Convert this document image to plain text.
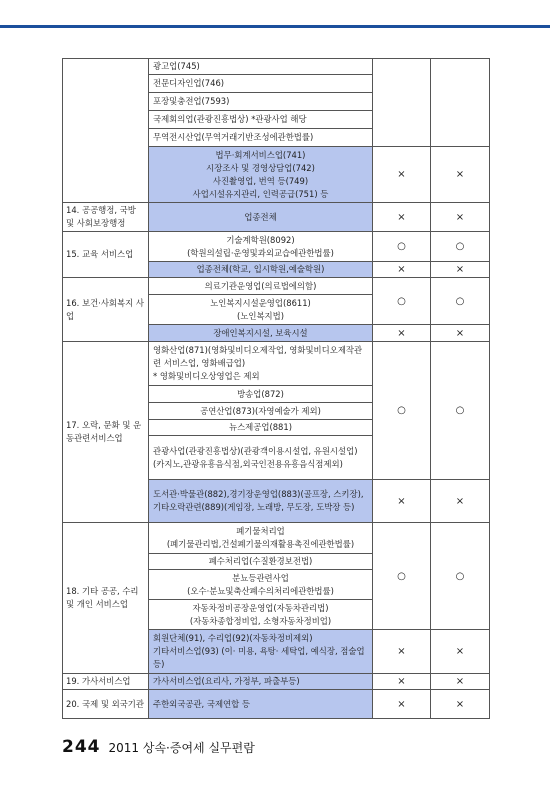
	광고업(745)		

	전문디자인업(746)		

	포장및충전업(7593)		

	국제회의업(관광진흥법상) *관광사업 해당		

	무역전시산업(무역거래기반조성에관한법률)		

	법무·회계서비스업(741)
시장조사 및 경영상담업(742)
사진촬영업, 번역 등(749)
사업시설유지관리, 인력공급(751) 등	×	×
14. 공공행정, 국방 및 사회보장행정	업종전체	×	×
15. 교육 서비스업	기술계학원(8092)
(학원의설립·운영및과외교습에관한법률)	○	○

	업종전체(학교, 입시학원,예술학원)	×	×
16. 보건·사회복지 사업	의료기관운영업(의료법에의함)	○	○

	노인복지시설운영업(8611)
(노인복지법)		

	장애인복지시설, 보육시설	×	×
17. 오락, 문화 및 운동관련서비스업	영화산업(871)(영화및비디오제작업, 영화및비디오제작관련 서비스업, 영화배급업)
* 영화및비디오상영업은 제외	○	○

	방송업(872)		

	공연산업(873)(자영예술가 제외)		

	뉴스제공업(881)		

	관광사업(관광진흥법상)(관광객이용시설업, 유원시설업)(카지노,관광유흥음식점,외국인전용유흥음식점제외)		

	도서관·박물관(882),경기장운영업(883)(골프장, 스키장), 기타오락관련(889)(게임장, 노래방, 무도장, 도박장 등)	×	×
18. 기타 공공, 수리 및 개인 서비스업	폐기물처리업
(폐기물관리법,건설폐기물의재활용촉진에관한법률)	○	○

	폐수처리업(수질환경보전법)		

	분뇨등관련사업
(오수·분뇨및축산폐수의처리에관한법률)		

	자동차정비공장운영업(자동차관리법)
(자동차종합정비업, 소형자동차정비업)		

	회원단체(91), 수리업(92)(자동차정비제외)
기타서비스업(93) (이· 미용, 욕탕· 세탁업, 예식장, 점술업 등)	×	×
19. 가사서비스업	가사서비스업(요리사, 가정부, 파출부등)	×	×
20. 국제 및 외국기관	주한외국공관, 국제연합 등	×	×
244 2011 상속·증여세 실무편람
